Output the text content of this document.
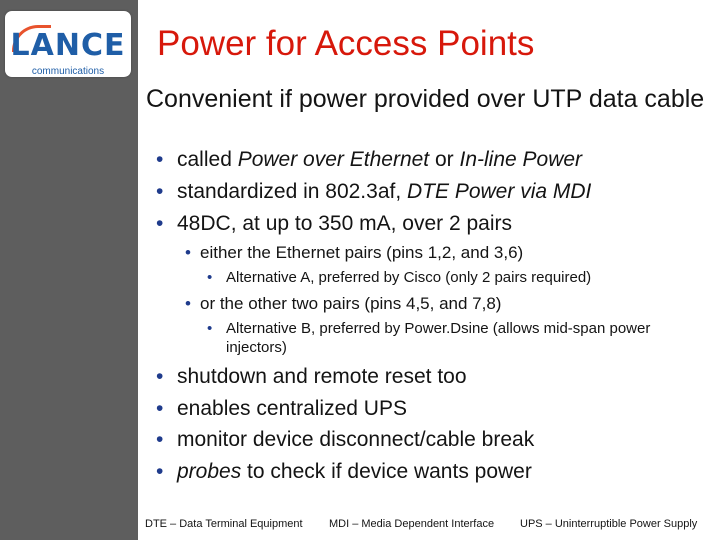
LANCE
communications
Power for Access Points
Convenient if power provided over UTP data cable
• called Power over Ethernet or In-line Power
• standardized in 802.3af, DTE Power via MDI
• 48DC, at up to 350 mA, over 2 pairs
• either the Ethernet pairs (pins 1,2, and 3,6)
• Alternative A, preferred by Cisco (only 2 pairs required)
• or the other two pairs (pins 4,5, and 7,8)
• Alternative B, preferred by Power.Dsine (allows mid-span power injectors)
• shutdown and remote reset too
• enables centralized UPS
• monitor device disconnect/cable break
• probes to check if device wants power
DTE – Data Terminal Equipment MDI – Media Dependent Interface UPS – Uninterruptible Power Supply
